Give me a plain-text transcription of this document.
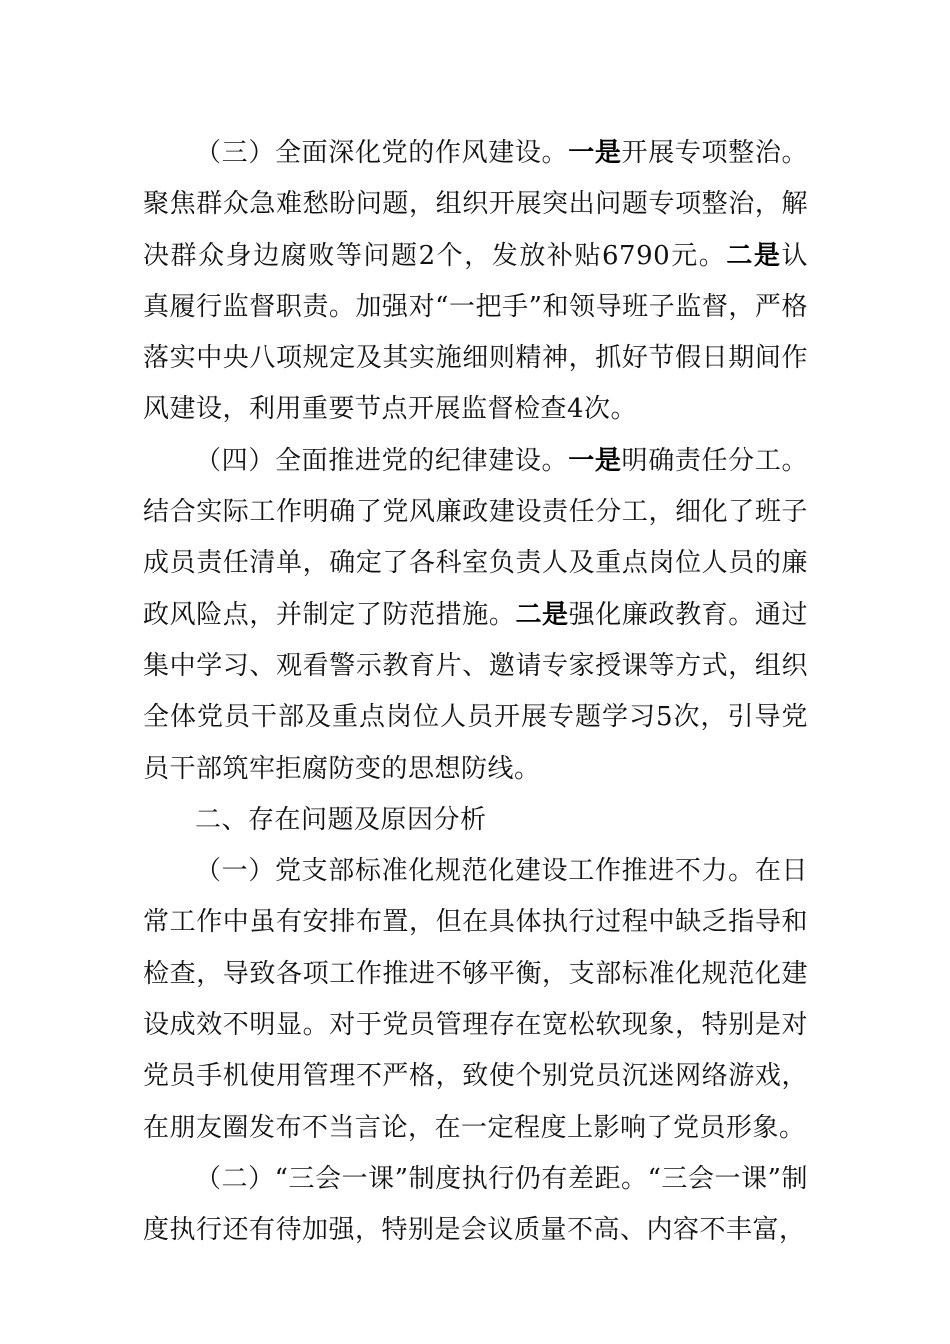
（三）全面深化党的作风建设。一是开展专项整治。聚焦群众急难愁盼问题，组织开展突出问题专项整治，解决群众身边腐败等问题2个，发放补贴6790元。二是认真履行监督职责。加强对“一把手”和领导班子监督，严格落实中央八项规定及其实施细则精神，抓好节假日期间作风建设，利用重要节点开展监督检查4次。

（四）全面推进党的纪律建设。一是明确责任分工。结合实际工作明确了党风廉政建设责任分工，细化了班子成员责任清单，确定了各科室负责人及重点岗位人员的廉政风险点，并制定了防范措施。二是强化廉政教育。通过集中学习、观看警示教育片、邀请专家授课等方式，组织全体党员干部及重点岗位人员开展专题学习5次，引导党员干部筑牢拒腐防变的思想防线。

二、存在问题及原因分析

（一）党支部标准化规范化建设工作推进不力。在日常工作中虽有安排布置，但在具体执行过程中缺乏指导和检查，导致各项工作推进不够平衡，支部标准化规范化建设成效不明显。对于党员管理存在宽松软现象，特别是对党员手机使用管理不严格，致使个别党员沉迷网络游戏，在朋友圈发布不当言论，在一定程度上影响了党员形象。

（二）“三会一课”制度执行仍有差距。“三会一课”制度执行还有待加强，特别是会议质量不高、内容不丰富，
